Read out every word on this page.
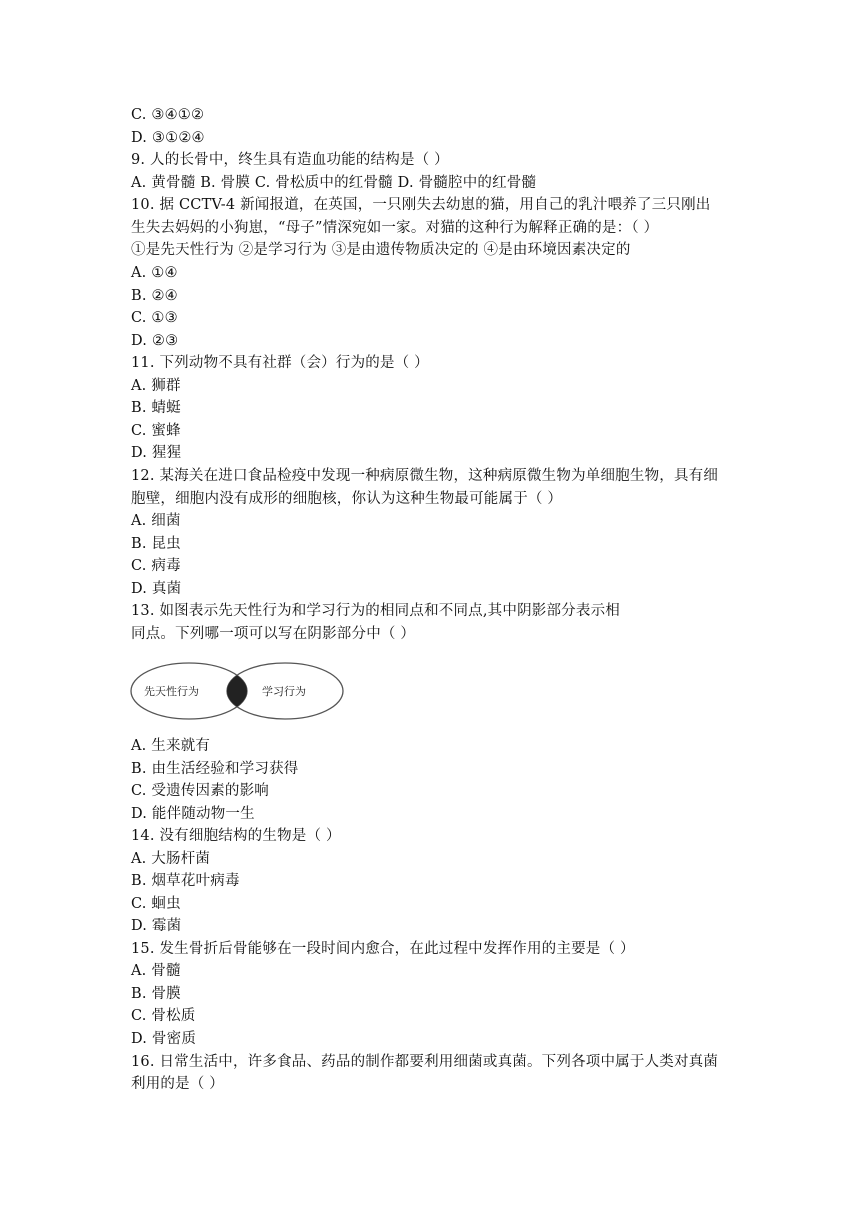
C. ③④①②
D. ③①②④
9. 人的长骨中，终生具有造血功能的结构是（ ）
A. 黄骨髓 B. 骨膜 C. 骨松质中的红骨髓 D. 骨髓腔中的红骨髓
10. 据 CCTV-4 新闻报道，在英国，一只刚失去幼崽的猫，用自己的乳汁喂养了三只刚出
生失去妈妈的小狗崽，“母子”情深宛如一家。对猫的这种行为解释正确的是：（ ）
①是先天性行为 ②是学习行为 ③是由遗传物质决定的 ④是由环境因素决定的
A. ①④
B. ②④
C. ①③
D. ②③
11. 下列动物不具有社群（会）行为的是（ ）
A. 狮群
B. 蜻蜓
C. 蜜蜂
D. 猩猩
12. 某海关在进口食品检疫中发现一种病原微生物，这种病原微生物为单细胞生物，具有细
胞壁，细胞内没有成形的细胞核，你认为这种生物最可能属于（ ）
A. 细菌
B. 昆虫
C. 病毒
D. 真菌
13. 如图表示先天性行为和学习行为的相同点和不同点,其中阴影部分表示相
同点。下列哪一项可以写在阴影部分中（ ）
先天性行为	学习行为
A. 生来就有
B. 由生活经验和学习获得
C. 受遗传因素的影响
D. 能伴随动物一生
14. 没有细胞结构的生物是（ ）
A. 大肠杆菌
B. 烟草花叶病毒
C. 蛔虫
D. 霉菌
15. 发生骨折后骨能够在一段时间内愈合，在此过程中发挥作用的主要是（ ）
A. 骨髓
B. 骨膜
C. 骨松质
D. 骨密质
16. 日常生活中，许多食品、药品的制作都要利用细菌或真菌。下列各项中属于人类对真菌
利用的是（ ）
